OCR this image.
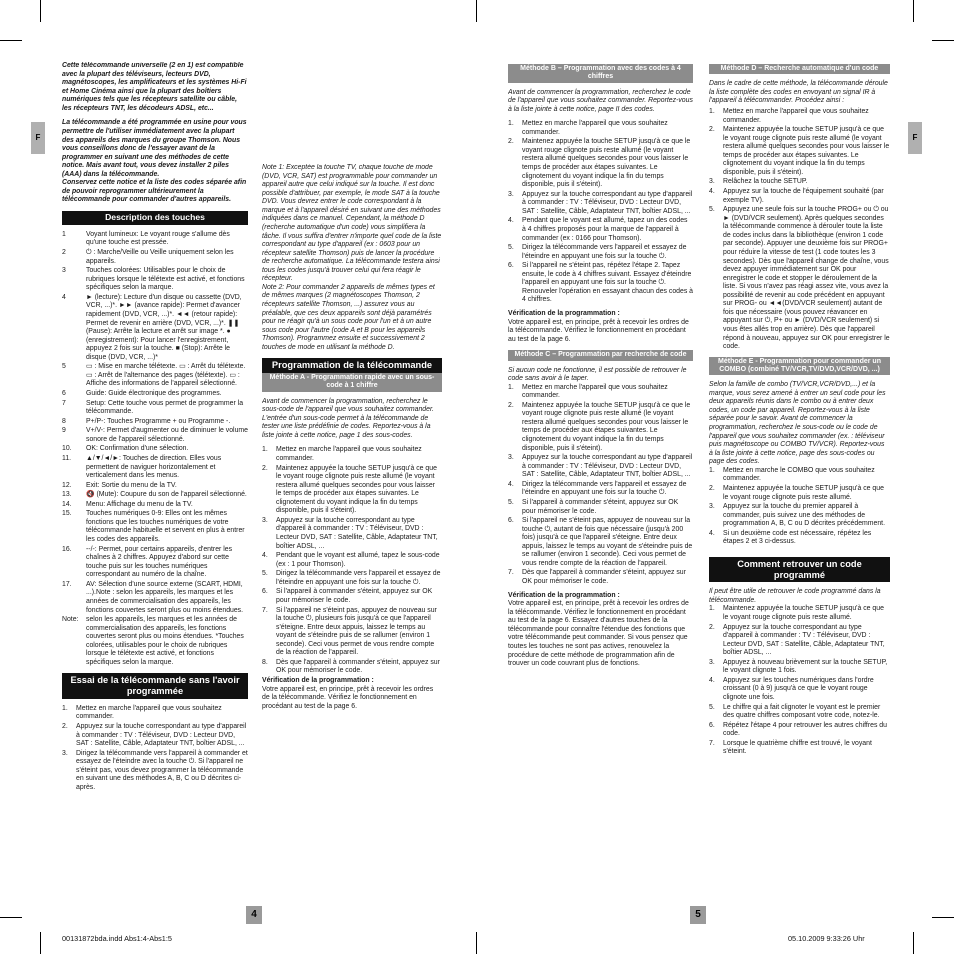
F	F

Cette télécommande universelle (2 en 1) est compatible avec la plupart des téléviseurs, lecteurs DVD, magnétoscopes, les amplificateurs et les systèmes Hi-Fi et Home Cinéma ainsi que la plupart des boîtiers numériques tels que les récepteurs satellite ou câble, les récepteurs TNT, les décodeurs ADSL, etc...

La télécommande a été programmée en usine pour vous permettre de l'utiliser immédiatement avec la plupart des appareils des marques du groupe Thomson. Nous vous conseillons donc de l'essayer avant de la programmer en suivant une des méthodes de cette notice. Mais avant tout, vous devez installer 2 piles (AAA) dans la télécommande.

Conservez cette notice et la liste des codes séparée afin de pouvoir reprogrammer ultérieurement la télécommande pour commander d'autres appareils.

Description des touches
1	Voyant lumineux: Le voyant rouge s'allume dès qu'une touche est pressée.
2	⏻ : Marche/Veille ou Veille uniquement selon les appareils.
3	Touches colorées: Utilisables pour le choix de rubriques lorsque le télétexte est activé, et fonctions spécifiques selon la marque.
4	► (lecture): Lecture d'un disque ou cassette (DVD, VCR, ...)*. ►► (avance rapide): Permet d'avancer rapidement (DVD, VCR, ...)*. ◄◄ (retour rapide): Permet de revenir en arrière (DVD, VCR, ...)*. ❚❚ (Pause): Arrête la lecture et arrêt sur image *. ● (enregistrement): Pour lancer l'enregistrement, appuyez 2 fois sur la touche. ■ (Stop): Arrête le disque (DVD, VCR, ...)*
5	▭ : Mise en marche télétexte. ▭ : Arrêt du télétexte. ▭ : Arrêt de l'alternance des pages (télétexte). ▭ : Affiche des informations de l'appareil sélectionné.
6	Guide: Guide électronique des programmes.
7	Setup: Cette touche vous permet de programmer la télécommande.
8	P+/P-: Touches Programme + ou Programme -.
9	V+/V-: Permet d'augmenter ou de diminuer le volume sonore de l'appareil sélectionné.
10.	OK: Confirmation d'une sélection.
11.	▲/▼/◄/►: Touches de direction. Elles vous permettent de naviguer horizontalement et verticalement dans les menus.
12.	Exit: Sortie du menu de la TV.
13.	🔇 (Mute): Coupure du son de l'appareil sélectionné.
14.	Menu: Affichage du menu de la TV.
15.	Touches numériques 0-9: Elles ont les mêmes fonctions que les touches numériques de votre télécommande habituelle et servent en plus à entrer les codes des appareils.
16.	--/-: Permet, pour certains appareils, d'entrer les chaînes à 2 chiffres. Appuyez d'abord sur cette touche puis sur les touches numériques correspondant au numéro de la chaîne.
17.	AV: Sélection d'une source externe (SCART, HDMI, ...).Note : selon les appareils, les marques et les années de commercialisation des appareils, les fonctions couvertes seront plus ou moins étendues.
Note:	selon les appareils, les marques et les années de commercialisation des appareils, les fonctions couvertes seront plus ou moins étendues. *Touches colorées, utilisables pour le choix de rubriques lorsque le télétexte est activé, et fonctions spécifiques selon la marque.
Essai de la télécommande sans l'avoir programmée
1.	Mettez en marche l'appareil que vous souhaitez commander.
2.	Appuyez sur la touche correspondant au type d'appareil à commander : TV : Téléviseur, DVD : Lecteur DVD, SAT : Satellite, Câble, Adaptateur TNT, boîtier ADSL, ...
3.	Dirigez la télécommande vers l'appareil à commander et essayez de l'éteindre avec la touche ⏻. Si l'appareil ne s'éteint pas, vous devez programmer la télécommande en suivant une des méthodes A, B, C ou D décrites ci-après.

Note 1: Exceptée la touche TV, chaque touche de mode (DVD, VCR, SAT) est programmable pour commander un appareil autre que celui indiqué sur la touche. Il est donc possible d'attribuer, par exemple, le mode SAT à la touche DVD. Vous devrez entrer le code correspondant à la marque et à l'appareil désiré en suivant une des méthodes indiquées dans ce manuel. Cependant, la méthode D (recherche automatique d'un code) vous simplifiera la tâche. Il vous suffira d'entrer n'importe quel code de la liste correspondant au type d'appareil (ex : 0603 pour un récepteur satellite Thomson) puis de lancer la procédure de recherche automatique. La télécommande testera ainsi tous les codes jusqu'à trouver celui qui fera réagir le récepteur.

Note 2: Pour commander 2 appareils de mêmes types et de mêmes marques (2 magnétoscopes Thomson, 2 récepteurs satellite Thomson, ...) assurez vous au préalable, que ces deux appareils sont déjà paramétrés pour ne réagir qu'à un sous code pour l'un et à un autre sous code pour l'autre (code A et B pour les appareils Thomson). Programmez ensuite et successivement 2 touches de mode en utilisant la méthode D.

Programmation de la télécommande
Méthode A - Programmation rapide avec un sous-code à 1 chiffre

Avant de commencer la programmation, recherchez le sous-code de l'appareil que vous souhaitez commander. L'entrée d'un sous-code permet à la télécommande de tester une liste prédéfinie de codes. Reportez-vous à la liste jointe à cette notice, page 1 des sous-codes.

1.	Mettez en marche l'appareil que vous souhaitez commander.
2.	Maintenez appuyée la touche SETUP jusqu'à ce que le voyant rouge clignote puis reste allumé (le voyant restera allumé quelques secondes pour vous laisser le temps de procéder aux étapes suivantes. Le clignotement du voyant indique la fin du temps disponible, puis il s'éteint).
3.	Appuyez sur la touche correspondant au type d'appareil à commander : TV : Téléviseur, DVD : Lecteur DVD, SAT : Satellite, Câble, Adaptateur TNT, boîtier ADSL, ...
4.	Pendant que le voyant est allumé, tapez le sous-code (ex : 1 pour Thomson).
5.	Dirigez la télécommande vers l'appareil et essayez de l'éteindre en appuyant une fois sur la touche ⏻.
6.	Si l'appareil à commander s'éteint, appuyez sur OK pour mémoriser le code.
7.	Si l'appareil ne s'éteint pas, appuyez de nouveau sur la touche ⏻, plusieurs fois jusqu'à ce que l'appareil s'éteigne. Entre deux appuis, laissez le temps au voyant de s'éteindre puis de se rallumer (environ 1 seconde). Ceci vous permet de vous rendre compte de la réaction de l'appareil.
8.	Dès que l'appareil à commander s'éteint, appuyez sur OK pour mémoriser le code.
Vérification de la programmation :

Votre appareil est, en principe, prêt à recevoir les ordres de la télécommande. Vérifiez le fonctionnement en procédant au test de la page 6.

Méthode B – Programmation avec des codes à 4 chiffres

Avant de commencer la programmation, recherchez le code de l'appareil que vous souhaitez commander. Reportez-vous à la liste jointe à cette notice, page II des codes.

1.	Mettez en marche l'appareil que vous souhaitez commander.
2.	Maintenez appuyée la touche SETUP jusqu'à ce que le voyant rouge clignote puis reste allumé (le voyant restera allumé quelques secondes pour vous laisser le temps de procéder aux étapes suivantes. Le clignotement du voyant indique la fin du temps disponible, puis il s'éteint).
3.	Appuyez sur la touche correspondant au type d'appareil à commander : TV : Téléviseur, DVD : Lecteur DVD, SAT : Satellite, Câble, Adaptateur TNT, boîtier ADSL, ...
4.	Pendant que le voyant est allumé, tapez un des codes à 4 chiffres proposés pour la marque de l'appareil à commander (ex : 0166 pour Thomson).
5.	Dirigez la télécommande vers l'appareil et essayez de l'éteindre en appuyant une fois sur la touche ⏻.
6.	Si l'appareil ne s'éteint pas, répétez l'étape 2. Tapez ensuite, le code à 4 chiffres suivant. Essayez d'éteindre l'appareil en appuyant une fois sur la touche ⏻. Renouveler l'opération en essayant chacun des codes à 4 chiffres.
Vérification de la programmation :

Votre appareil est, en principe, prêt à recevoir les ordres de la télécommande. Vérifiez le fonctionnement en procédant au test de la page 6.

Méthode C – Programmation par recherche de code

Si aucun code ne fonctionne, il est possible de retrouver le code sans avoir à le taper.

1.	Mettez en marche l'appareil que vous souhaitez commander.
2.	Maintenez appuyée la touche SETUP jusqu'à ce que le voyant rouge clignote puis reste allumé (le voyant restera allumé quelques secondes pour vous laisser le temps de procéder aux étapes suivantes. Le clignotement du voyant indique la fin du temps disponible, puis il s'éteint).
3.	Appuyez sur la touche correspondant au type d'appareil à commander : TV : Téléviseur, DVD : Lecteur DVD, SAT : Satellite, Câble, Adaptateur TNT, boîtier ADSL, ...
4.	Dirigez la télécommande vers l'appareil et essayez de l'éteindre en appuyant une fois sur la touche ⏻.
5.	Si l'appareil à commander s'éteint, appuyez sur OK pour mémoriser le code.
6.	Si l'appareil ne s'éteint pas, appuyez de nouveau sur la touche ⏻, autant de fois que nécessaire (jusqu'à 200 fois) jusqu'à ce que l'appareil s'éteigne. Entre deux appuis, laissez le temps au voyant de s'éteindre puis de se rallumer (environ 1 seconde). Ceci vous permet de vous rendre compte de la réaction de l'appareil.
7.	Dès que l'appareil à commander s'éteint, appuyez sur OK pour mémoriser le code.
Vérification de la programmation :

Votre appareil est, en principe, prêt à recevoir les ordres de la télécommande. Vérifiez le fonctionnement en procédant au test de la page 6. Essayez d'autres touches de la télécommande pour connaître l'étendue des fonctions que votre télécommande peut commander. Si vous pensez que toutes les touches ne sont pas actives, renouvelez la procédure de cette méthode de programmation afin de trouver un code couvrant plus de fonctions.

Méthode D – Recherche automatique d'un code

Dans le cadre de cette méthode, la télécommande déroule la liste complète des codes en envoyant un signal IR à l'appareil à télécommander. Procédez ainsi :

1.	Mettez en marche l'appareil que vous souhaitez commander.
2.	Maintenez appuyée la touche SETUP jusqu'à ce que le voyant rouge clignote puis reste allumé (le voyant restera allumé quelques secondes pour vous laisser le temps de procéder aux étapes suivantes. Le clignotement du voyant indique la fin du temps disponible, puis il s'éteint).
3.	Relâchez la touche SETUP.
4.	Appuyez sur la touche de l'équipement souhaité (par exemple TV).
5.	Appuyez une seule fois sur la touche PROG+ ou ⏻ ou ► (DVD/VCR seulement). Après quelques secondes la télécommande commence à dérouler toute la liste de codes inclus dans la bibliothèque (environ 1 code par seconde). Appuyer une deuxième fois sur PROG+ pour réduire la vitesse de test (1 code toutes les 3 secondes). Dès que l'appareil change de chaîne, vous devez appuyer immédiatement sur OK pour enregistrer le code et stopper le déroulement de la liste. Si vous n'avez pas réagi assez vite, vous avez la possibilité de revenir au code précédent en appuyant sur PROG- ou ◄◄(DVD/VCR seulement) autant de fois que nécessaire (vous pouvez réavancer en appuyant sur ⏻, P+ ou ► (DVD/VCR seulement) si vous êtes allés trop en arrière). Dès que l'appareil répond à nouveau, appuyez sur OK pour enregistrer le code.
Méthode E - Programmation pour commander un COMBO (combiné TV/VCR,TV/DVD,VCR/DVD, ...)

Selon la famille de combo (TV/VCR,VCR/DVD,...) et la marque, vous serez amené à entrer un seul code pour les deux appareils réunis dans le combo ou à entrer deux codes, un code par appareil. Reportez-vous à la liste séparée pour le savoir. Avant de commencer la programmation, recherchez le sous-code ou le code de l'appareil que vous souhaitez commander (ex. : téléviseur puis magnétoscope ou COMBO TV/VCR). Reportez-vous à la liste jointe à cette notice, page des sous-codes ou page des codes.

1.	Mettez en marche le COMBO que vous souhaitez commander.
2.	Maintenez appuyée la touche SETUP jusqu'à ce que le voyant rouge clignote puis reste allumé.
3.	Appuyez sur la touche du premier appareil à commander, puis suivez une des méthodes de programmation A, B, C ou D décrites précédemment.
4.	Si un deuxième code est nécessaire, répétez les étapes 2 et 3 ci-dessus.
Comment retrouver un code programmé

Il peut être utile de retrouver le code programmé dans la télécommande.

1.	Maintenez appuyée la touche SETUP jusqu'à ce que le voyant rouge clignote puis reste allumé.
2.	Appuyez sur la touche correspondant au type d'appareil à commander : TV : Téléviseur, DVD : Lecteur DVD, SAT : Satellite, Câble, Adaptateur TNT, boîtier ADSL, ...
3.	Appuyez à nouveau brièvement sur la touche SETUP, le voyant clignote 1 fois.
4.	Appuyez sur les touches numériques dans l'ordre croissant (0 à 9) jusqu'à ce que le voyant rouge clignote une fois.
5.	Le chiffre qui a fait clignoter le voyant est le premier des quatre chiffres composant votre code, notez-le.
6.	Répétez l'étape 4 pour retrouver les autres chiffres du code.
7.	Lorsque le quatrième chiffre est trouvé, le voyant s'éteint.
4	5
00131872bda.indd Abs1:4-Abs1:5	05.10.2009 9:33:26 Uhr
